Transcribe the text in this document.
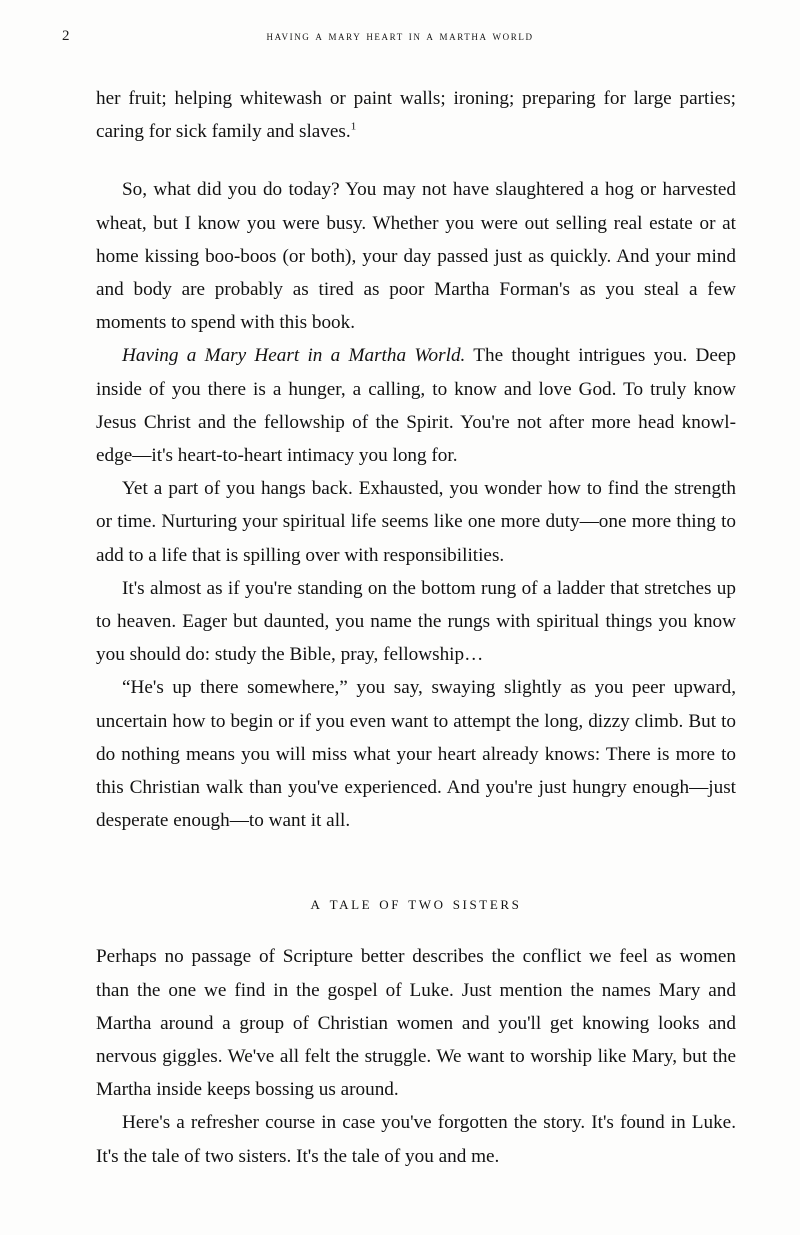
2	having a mary heart in a martha world

her fruit; helping whitewash or paint walls; ironing; preparing for large parties; caring for sick family and slaves.$^1$

So, what did you do today? You may not have slaughtered a hog or harvested wheat, but I know you were busy. Whether you were out selling real estate or at home kissing boo-boos (or both), your day passed just as quickly. And your mind and body are probably as tired as poor Martha Forman's as you steal a few moments to spend with this book.

Having a Mary Heart in a Martha World. The thought intrigues you. Deep inside of you there is a hunger, a calling, to know and love God. To truly know Jesus Christ and the fellowship of the Spirit. You're not after more head knowl-edge—it's heart-to-heart intimacy you long for.

Yet a part of you hangs back. Exhausted, you wonder how to find the strength or time. Nurturing your spiritual life seems like one more duty—one more thing to add to a life that is spilling over with responsibilities.

It's almost as if you're standing on the bottom rung of a ladder that stretches up to heaven. Eager but daunted, you name the rungs with spiritual things you know you should do: study the Bible, pray, fellowship…

“He's up there somewhere,” you say, swaying slightly as you peer upward, uncertain how to begin or if you even want to attempt the long, dizzy climb. But to do nothing means you will miss what your heart already knows: There is more to this Christian walk than you've experienced. And you're just hungry enough—just desperate enough—to want it all.

a tale of two sisters

Perhaps no passage of Scripture better describes the conflict we feel as women than the one we find in the gospel of Luke. Just mention the names Mary and Martha around a group of Christian women and you'll get knowing looks and nervous giggles. We've all felt the struggle. We want to worship like Mary, but the Martha inside keeps bossing us around.

Here's a refresher course in case you've forgotten the story. It's found in Luke. It's the tale of two sisters. It's the tale of you and me.
